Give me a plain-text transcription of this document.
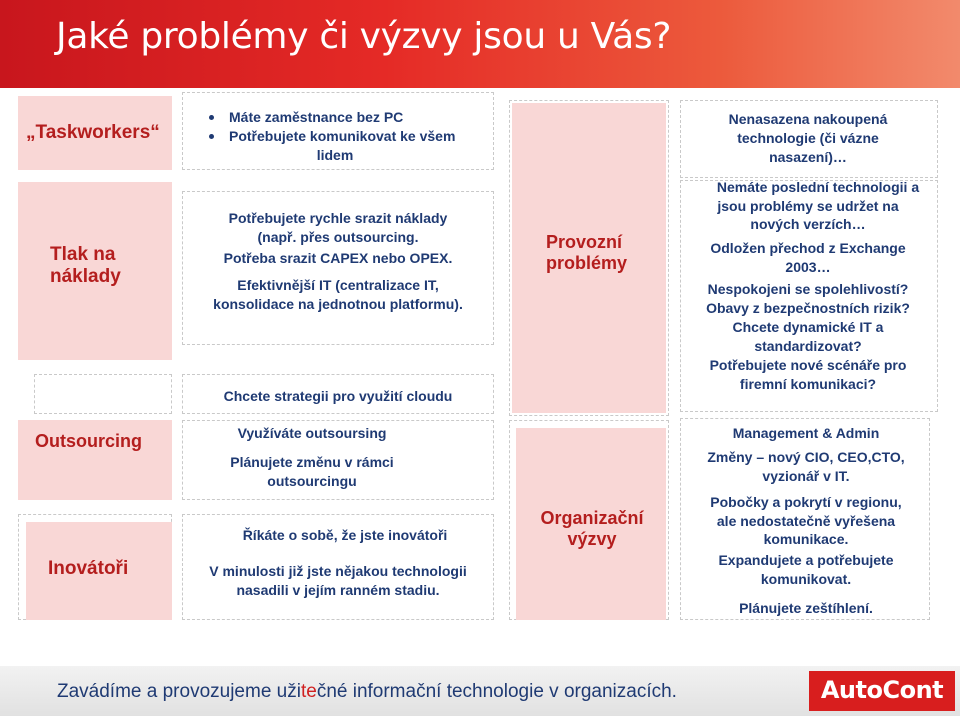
Jaké problémy či výzvy jsou u Vás?
„Taskworkers“
Máte zaměstnance bez PC
Potřebujete komunikovat ke všem
lidem
Tlak na
náklady
Potřebujete rychle srazit náklady
(např. přes outsourcing.
Potřeba srazit CAPEX nebo OPEX.
Efektivnější IT (centralizace IT,
konsolidace na jednotnou platformu).
Chcete strategii pro využití cloudu
Outsourcing	Využíváte outsoursing
Plánujete změnu v rámci
outsourcingu
Inovátoři
Říkáte o sobě, že jste inovátoři
V minulosti již jste nějakou technologii
nasadili v jejím ranném stadiu.
Provozní
problémy
Nenasazena nakoupená
technologie (či vázne
nasazení)…
Nemáte poslední technologii a
jsou problémy se udržet na
nových verzích…
Odložen přechod z Exchange
2003…
Nespokojeni se spolehlivostí?
Obavy z bezpečnostních rizik?
Chcete dynamické IT a
standardizovat?
Potřebujete nové scénáře pro
firemní komunikaci?
Organizační
výzvy
Management & Admin
Změny – nový CIO, CEO,CTO,
vyzionář v IT.
Pobočky a pokrytí v regionu,
ale nedostatečně vyřešena
komunikace.
Expandujete a potřebujete
komunikovat.
Plánujete zeštíhlení.
Zavádíme a provozujeme užitečné informační technologie v organizacích.	AutoCont
